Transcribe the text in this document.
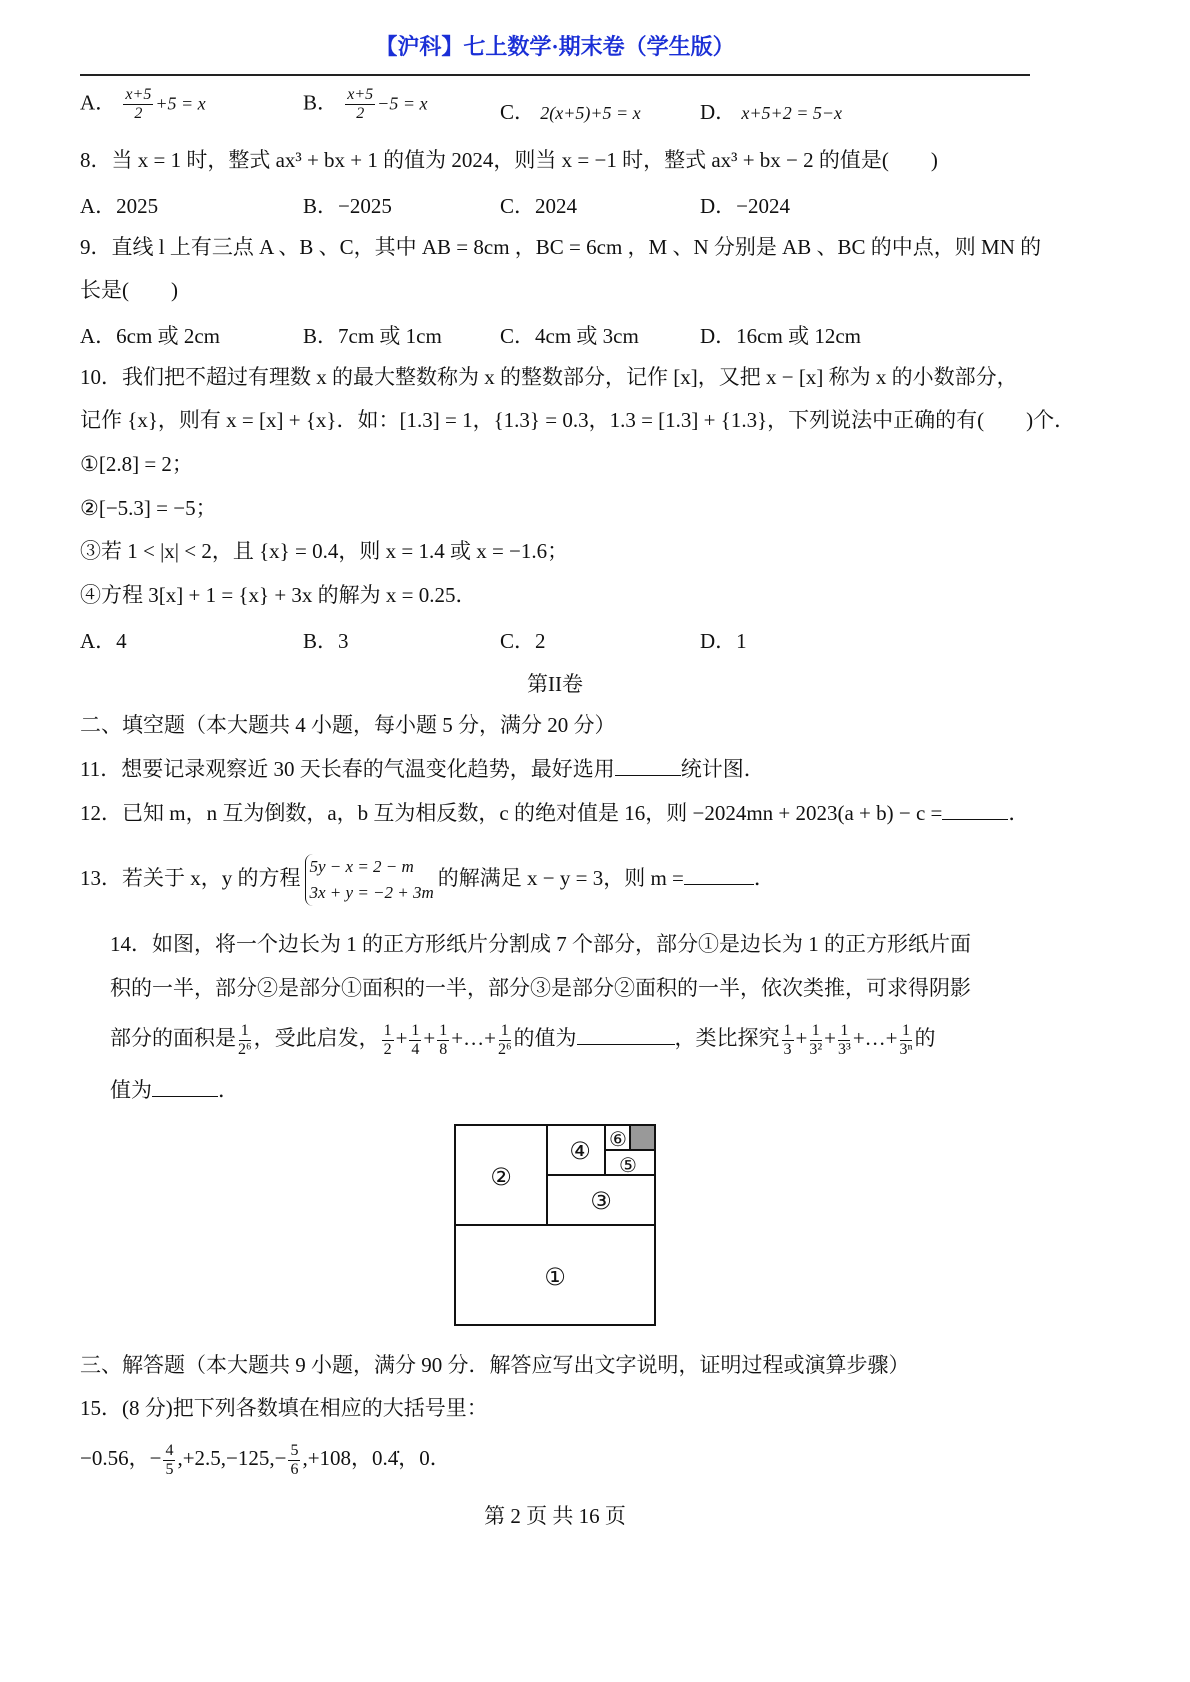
【沪科】七上数学·期末卷（学生版）
A． $\frac{x+5}{2} +5 = x$	B． $\frac{x+5}{2} -5 = x$	C． 2(x+5)+5 = x	D． x+5+2 = 5−x
8．当 x = 1 时，整式 ax³ + bx + 1 的值为 2024，则当 x = −1 时，整式 ax³ + bx − 2 的值是(　　)
A．2025	B．−2025	C．2024	D．−2024
9．直线 l 上有三点 A 、B 、C，其中 AB = 8cm ，BC = 6cm ，M 、N 分别是 AB 、BC 的中点，则 MN 的
长是(　　)
A．6cm 或 2cm	B．7cm 或 1cm	C．4cm 或 3cm	D．16cm 或 12cm
10．我们把不超过有理数 x 的最大整数称为 x 的整数部分，记作 [x]，又把 x − [x] 称为 x 的小数部分，
记作 {x}，则有 x = [x] + {x}．如：[1.3] = 1，{1.3} = 0.3，1.3 = [1.3] + {1.3}，下列说法中正确的有(　　)个．
①[2.8] = 2；
②[−5.3] = −5；
③若 1 < |x| < 2，且 {x} = 0.4，则 x = 1.4 或 x = −1.6；
④方程 3[x] + 1 = {x} + 3x 的解为 x = 0.25．
A．4	B．3	C．2	D．1
第II卷
二、填空题（本大题共 4 小题，每小题 5 分，满分 20 分）
11．想要记录观察近 30 天长春的气温变化趋势，最好选用	统计图．
12．已知 m，n 互为倒数，a，b 互为相反数，c 的绝对值是 16，则 −2024mn + 2023(a + b) − c =	．
13．若关于 x，y 的方程 5y − x = 2 − m
3x + y = −2 + 3m
的解满足 x − y = 3，则 m =	．
14．如图，将一个边长为 1 的正方形纸片分割成 7 个部分，部分①是边长为 1 的正方形纸片面
积的一半，部分②是部分①面积的一半，部分③是部分②面积的一半，依次类推，可求得阴影
部分的面积是 $\frac{1}{\text{2⁶}}$ ，受此启发， $\frac{1}{2} + \frac{1}{4} + \frac{1}{8}$ +…+ $\frac{1}{\text{2⁶}}$ 的值为	，类比探究 $\frac{1}{3} + \frac{1}{\text{3²}} + \frac{1}{\text{3³}}$ +…+ $\frac{1}{\text{3ⁿ}}$ 的
值为	．
①
②
③
④ ⑤
⑥
三、解答题（本大题共 9 小题，满分 90 分．解答应写出文字说明，证明过程或演算步骤）
15．(8 分)把下列各数填在相应的大括号里：
−0.56，− $\frac{4}{5} ,+2.5,-125,- \frac{5}{6} ,+108$，0.4̇，0．
第 2 页 共 16 页
